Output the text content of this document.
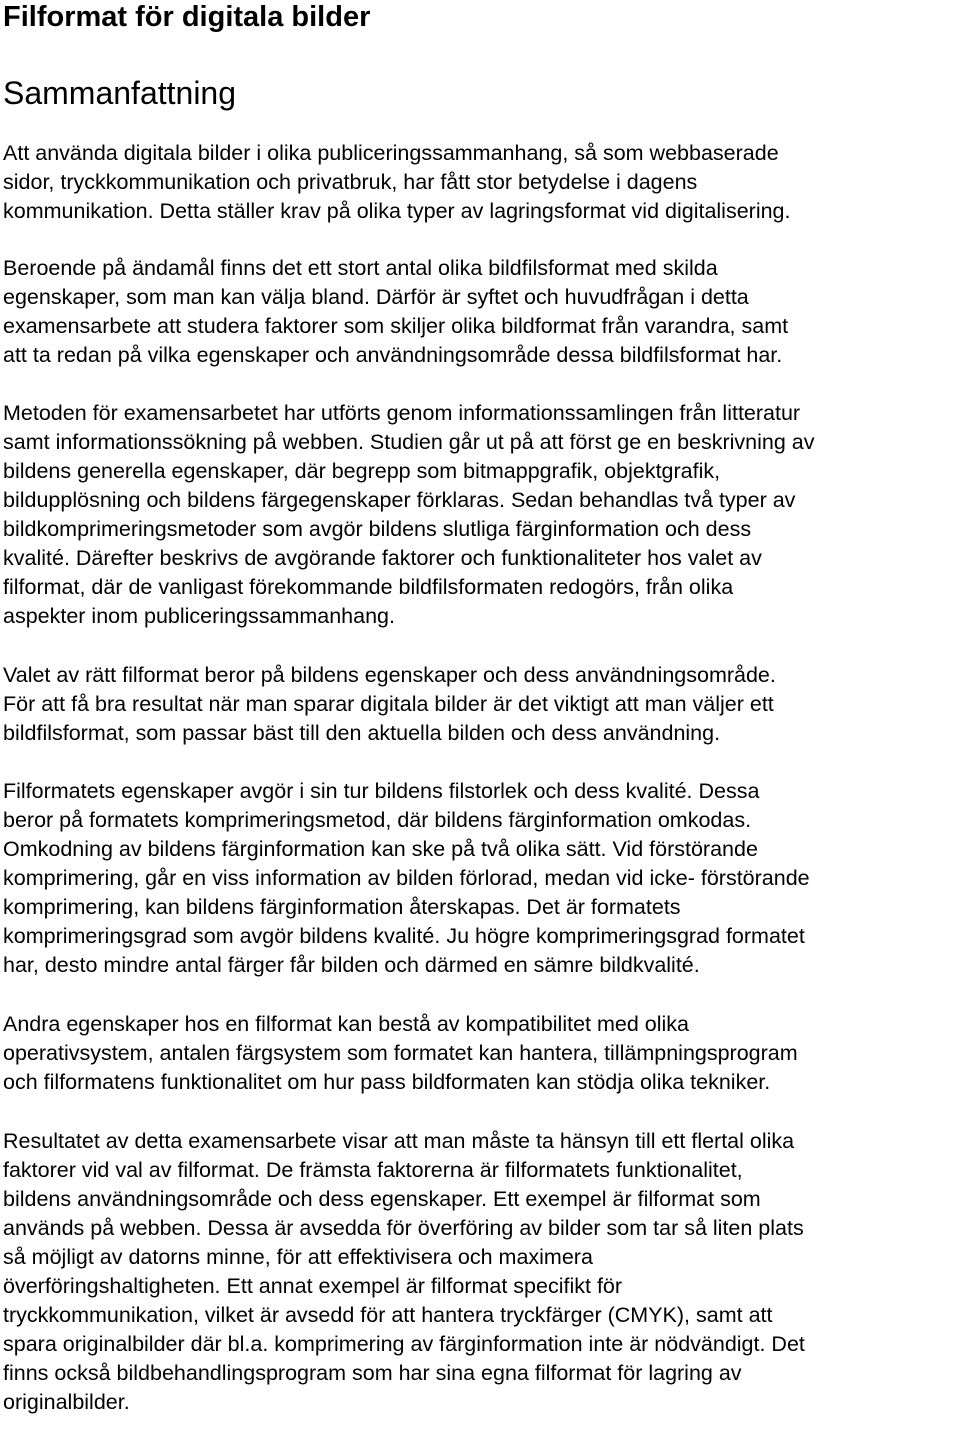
Filformat för digitala bilder
Sammanfattning

Att använda digitala bilder i olika publiceringssammanhang, så som webbaserade
sidor, tryckkommunikation och privatbruk, har fått stor betydelse i dagens
kommunikation. Detta ställer krav på olika typer av lagringsformat vid digitalisering.

Beroende på ändamål finns det ett stort antal olika bildfilsformat med skilda
egenskaper, som man kan välja bland. Därför är syftet och huvudfrågan i detta
examensarbete att studera faktorer som skiljer olika bildformat från varandra, samt
att ta redan på vilka egenskaper och användningsområde dessa bildfilsformat har.

Metoden för examensarbetet har utförts genom informationssamlingen från litteratur
samt informationssökning på webben. Studien går ut på att först ge en beskrivning av
bildens generella egenskaper, där begrepp som bitmappgrafik, objektgrafik,
bildupplösning och bildens färgegenskaper förklaras. Sedan behandlas två typer av
bildkomprimeringsmetoder som avgör bildens slutliga färginformation och dess
kvalité. Därefter beskrivs de avgörande faktorer och funktionaliteter hos valet av
filformat, där de vanligast förekommande bildfilsformaten redogörs, från olika
aspekter inom publiceringssammanhang.

Valet av rätt filformat beror på bildens egenskaper och dess användningsområde.
För att få bra resultat när man sparar digitala bilder är det viktigt att man väljer ett
bildfilsformat, som passar bäst till den aktuella bilden och dess användning.

Filformatets egenskaper avgör i sin tur bildens filstorlek och dess kvalité. Dessa
beror på formatets komprimeringsmetod, där bildens färginformation omkodas.
Omkodning av bildens färginformation kan ske på två olika sätt. Vid förstörande
komprimering, går en viss information av bilden förlorad, medan vid icke- förstörande
komprimering, kan bildens färginformation återskapas. Det är formatets
komprimeringsgrad som avgör bildens kvalité. Ju högre komprimeringsgrad formatet
har, desto mindre antal färger får bilden och därmed en sämre bildkvalité.

Andra egenskaper hos en filformat kan bestå av kompatibilitet med olika
operativsystem, antalen färgsystem som formatet kan hantera, tillämpningsprogram
och filformatens funktionalitet om hur pass bildformaten kan stödja olika tekniker.

Resultatet av detta examensarbete visar att man måste ta hänsyn till ett flertal olika
faktorer vid val av filformat. De främsta faktorerna är filformatets funktionalitet,
bildens användningsområde och dess egenskaper. Ett exempel är filformat som
används på webben. Dessa är avsedda för överföring av bilder som tar så liten plats
så möjligt av datorns minne, för att effektivisera och maximera
överföringshaltigheten. Ett annat exempel är filformat specifikt för
tryckkommunikation, vilket är avsedd för att hantera tryckfärger (CMYK), samt att
spara originalbilder där bl.a. komprimering av färginformation inte är nödvändigt. Det
finns också bildbehandlingsprogram som har sina egna filformat för lagring av
originalbilder.
